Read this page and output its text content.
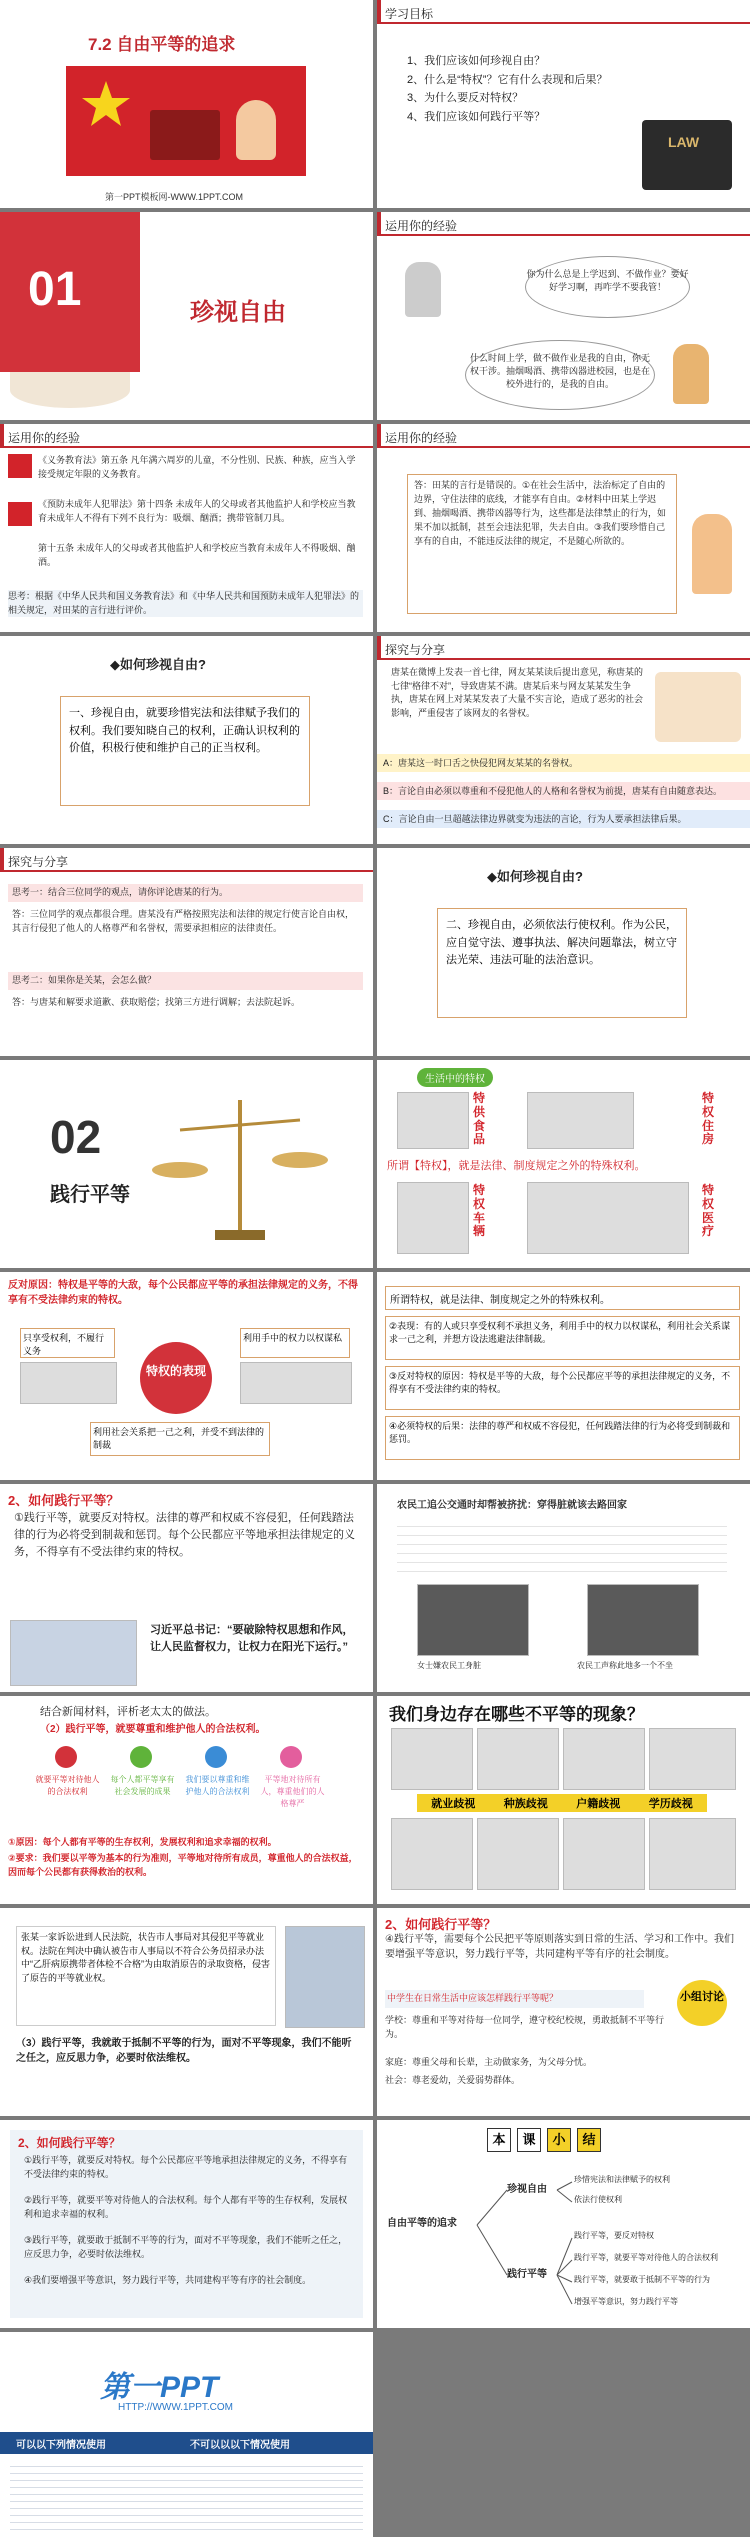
7.2 自由平等的追求
第一PPT模板网-WWW.1PPT.COM
学习目标
1、我们应该如何珍视自由？
2、什么是“特权”？它有什么表现和后果？
3、为什么要反对特权？
4、我们应该如何践行平等？
LAW
01	珍视自由
运用你的经验
你为什么总是上学迟到、不做作业？要好好学习啊，再咋学不要我管！
什么时间上学，做不做作业是我的自由，你无权干涉。抽烟喝酒、携带凶器进校园，也是在校外进行的，是我的自由。
运用你的经验
《义务教育法》第五条 凡年满六周岁的儿童，不分性别、民族、种族，应当入学接受规定年限的义务教育。
《预防未成年人犯罪法》第十四条 未成年人的父母或者其他监护人和学校应当教育未成年人不得有下列不良行为：吸烟、酗酒；携带管制刀具。
第十五条 未成年人的父母或者其他监护人和学校应当教育未成年人不得吸烟、酗酒。
思考：根据《中华人民共和国义务教育法》和《中华人民共和国预防未成年人犯罪法》的相关规定，对田某的言行进行评价。
运用你的经验
答：田某的言行是错误的。①在社会生活中，法治标定了自由的边界，守住法律的底线，才能享有自由。②材料中田某上学迟到、抽烟喝酒、携带凶器等行为，这些都是法律禁止的行为，如果不加以抵制，甚至会违法犯罪，失去自由。③我们要珍惜自己享有的自由，不能违反法律的规定，不是随心所欲的。
◆如何珍视自由?
一、珍视自由，就要珍惜宪法和法律赋予我们的权利。我们要知晓自己的权利，正确认识权利的价值，积极行使和维护自己的正当权利。
探究与分享
唐某在微博上发表一首七律，网友某某读后提出意见，称唐某的七律“格律不对”，导致唐某不满。唐某后来与网友某某发生争执，唐某在网上对某某发表了大量不实言论，造成了恶劣的社会影响，严重侵害了该网友的名誉权。
A：唐某这一时口舌之快侵犯网友某某的名誉权。
B：言论自由必须以尊重和不侵犯他人的人格和名誉权为前提，唐某有自由随意表达。
C：言论自由一旦超越法律边界就变为违法的言论，行为人要承担法律后果。
探究与分享
思考一：结合三位同学的观点，请你评论唐某的行为。
答：三位同学的观点都很合理。唐某没有严格按照宪法和法律的规定行使言论自由权，其言行侵犯了他人的人格尊严和名誉权，需要承担相应的法律责任。
思考二：如果你是关某，会怎么做？
答：与唐某和解要求道歉、获取赔偿；找第三方进行调解；去法院起诉。
◆如何珍视自由?
二、珍视自由，必须依法行使权利。作为公民，应自觉守法、遵事执法、解决问题靠法，树立守法光荣、违法可耻的法治意识。
02
践行平等
生活中的特权
特供食品
特权住房
所谓【特权】，就是法律、制度规定之外的特殊权利。
特权车辆
特权医疗
反对原因：特权是平等的大敌，每个公民都应平等的承担法律规定的义务，不得享有不受法律约束的特权。
只享受权利，不履行义务
特权的表现
利用手中的权力以权谋私
利用社会关系把一己之利，并受不到法律的制裁
所谓特权，就是法律、制度规定之外的特殊权利。
②表现：有的人或只享受权利不承担义务，利用手中的权力以权谋私，利用社会关系谋求一己之利，并想方设法逃避法律制裁。
③反对特权的原因：特权是平等的大敌，每个公民都应平等的承担法律规定的义务，不得享有不受法律约束的特权。
④必须特权的后果：法律的尊严和权威不容侵犯，任何践踏法律的行为必将受到制裁和惩罚。
2、如何践行平等？
①践行平等，就要反对特权。法律的尊严和权威不容侵犯，任何践踏法律的行为必将受到制裁和惩罚。每个公民都应平等地承担法律规定的义务，不得享有不受法律约束的特权。
习近平总书记：“要破除特权思想和作风，让人民监督权力，让权力在阳光下运行。”
农民工追公交通时却帮被挤扰：穿得脏就该去路回家
女士嫌农民工身脏	农民工声称此地多一个不坐
结合新闻材料，评析老太太的做法。
（2）践行平等，就要尊重和维护他人的合法权利。
就要平等对待他人的合法权利
每个人都平等享有社会发展的成果
我们要以尊重和维护他人的合法权利
平等地对待所有人，尊重他们的人格尊严
①原因：每个人都有平等的生存权利，发展权利和追求幸福的权利。
②要求：我们要以平等为基本的行为准则，平等地对待所有成员，尊重他人的合法权益，因而每个公民都有获得救治的权利。
我们身边存在哪些不平等的现象？
就业歧视	种族歧视	户籍歧视	学历歧视
张某一家诉讼进到人民法院，状告市人事局对其侵犯平等就业权。法院在判决中确认被告市人事局以不符合公务员招录办法中“乙肝病原携带者体检不合格”为由取消原告的录取资格，侵害了原告的平等就业权。
（3）践行平等，我就敢于抵制不平等的行为，面对不平等现象，我们不能听之任之，应反思力争，必要时依法维权。
2、如何践行平等？
④践行平等，需要每个公民把平等原则落实到日常的生活、学习和工作中。我们要增强平等意识，努力践行平等，共同建构平等有序的社会制度。
中学生在日常生活中应该怎样践行平等呢？	小组讨论
学校：尊重和平等对待每一位同学，遵守校纪校规，勇敢抵制不平等行为。
家庭：尊重父母和长辈，主动做家务，为父母分忧。
社会：尊老爱幼，关爱弱势群体。
2、如何践行平等？
①践行平等，就要反对特权。每个公民都应平等地承担法律规定的义务，不得享有不受法律约束的特权。
②践行平等，就要平等对待他人的合法权利。每个人都有平等的生存权利，发展权利和追求幸福的权利。
③践行平等，就要敢于抵制不平等的行为，面对不平等现象，我们不能听之任之，应反思力争，必要时依法维权。
④我们要增强平等意识，努力践行平等，共同建构平等有序的社会制度。
本	课	小	结
自由平等的追求
珍视自由
践行平等
珍惜宪法和法律赋予的权利
依法行使权利
践行平等，要反对特权
践行平等，就要平等对待他人的合法权利
践行平等，就要敢于抵制不平等的行为
增强平等意识，努力践行平等
第一PPT
HTTP://WWW.1PPT.COM
可以以下列情况使用	不可以以以下情况使用
